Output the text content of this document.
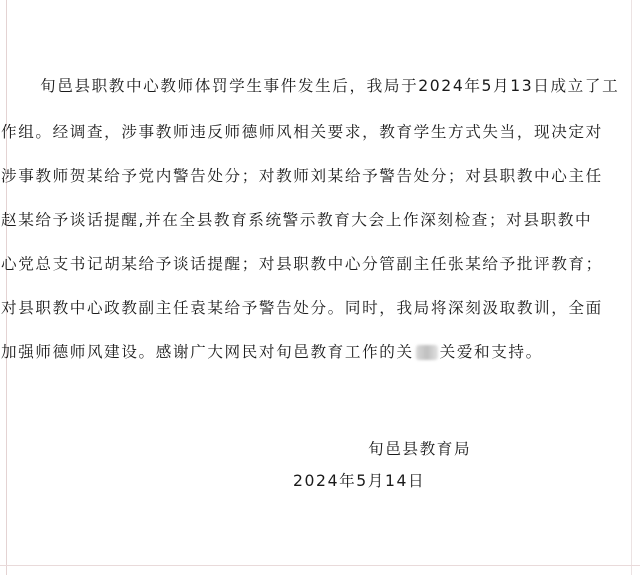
旬邑县职教中心教师体罚学生事件发生后，我局于2024年5月13日成立了工
作组。经调查，涉事教师违反师德师风相关要求，教育学生方式失当，现决定对
涉事教师贺某给予党内警告处分；对教师刘某给予警告处分；对县职教中心主任
赵某给予谈话提醒,并在全县教育系统警示教育大会上作深刻检查；对县职教中
心党总支书记胡某给予谈话提醒；对县职教中心分管副主任张某给予批评教育；
对县职教中心政教副主任袁某给予警告处分。同时，我局将深刻汲取教训，全面
加强师德师风建设。感谢广大网民对旬邑教育工作的关 关爱和支持。
旬邑县教育局
2024年5月14日
